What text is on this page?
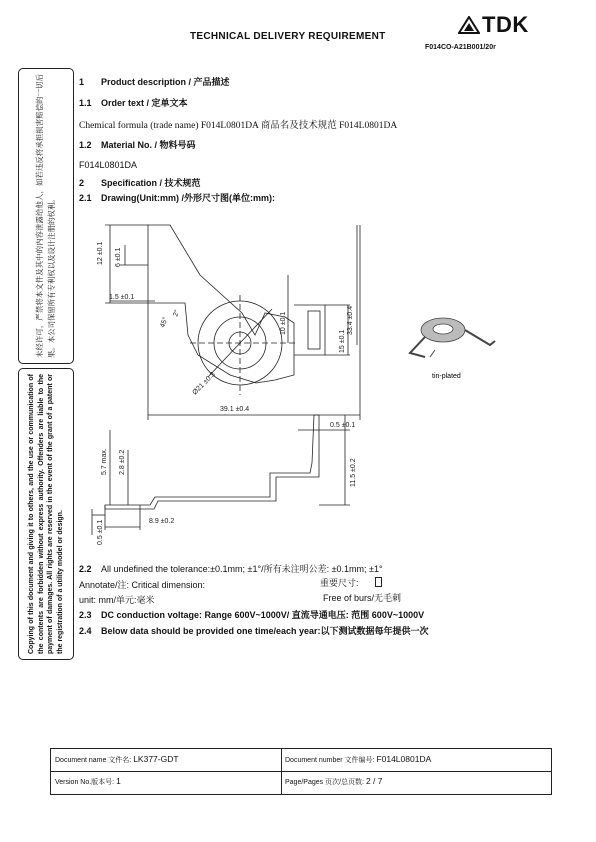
TECHNICAL DELIVERY REQUIREMENT	TDK
F014CO-A21B001/20r
未经许可，严禁将本文件及其中的内容泄露给他人，如若违反将承担损害赔偿的一切后果。本公司保留所有专利权以及设计注册的权利。
Copying of this document and giving it to others, and the use or communication of the contents are forbidden without express authority. Offenders are liable to the payment of damages. All rights are reserved in the event of the grant of a patent or the registration of a utility model or design.
1 Product description / 产品描述
1.1 Order text / 定单文本
Chemical formula (trade name) F014L0801DA 商品名及技术规范 F014L0801DA
1.2 Material No. / 物料号码
F014L0801DA
2 Specification / 技术规范
2.1 Drawing(Unit:mm) /外形尺寸图(单位:mm):
12 ±0.1 6 ±0.1
1.5 ±0.1
45°
2°	10 ±0.1	33.4 ±0.4
15 ±0.1
Ø21 ±0.3
39.1 ±0.4
0.5 ±0.1
5.7 max. 2.8 ±0.2	11.5 ±0.2
0.5 ±0.1	8.9 ±0.2
tin-plated
2.2 All undefined the tolerance:±0.1mm; ±1°/所有未注明公差: ±0.1mm; ±1°
Annotate/注: Critical dimension:	重要尺寸:
unit: mm/单元:毫米	Free of burs/无毛刺
2.3 DC conduction voltage: Range 600V~1000V/ 直流导通电压: 范围 600V~1000V
2.4 Below data should be provided one time/each year:以下测试数据每年提供一次
Document name 文件名: LK377-GDT	Document number 文件编号: F014L0801DA
Version No.版本号: 1	Page/Pages 页次/总页数: 2 / 7
